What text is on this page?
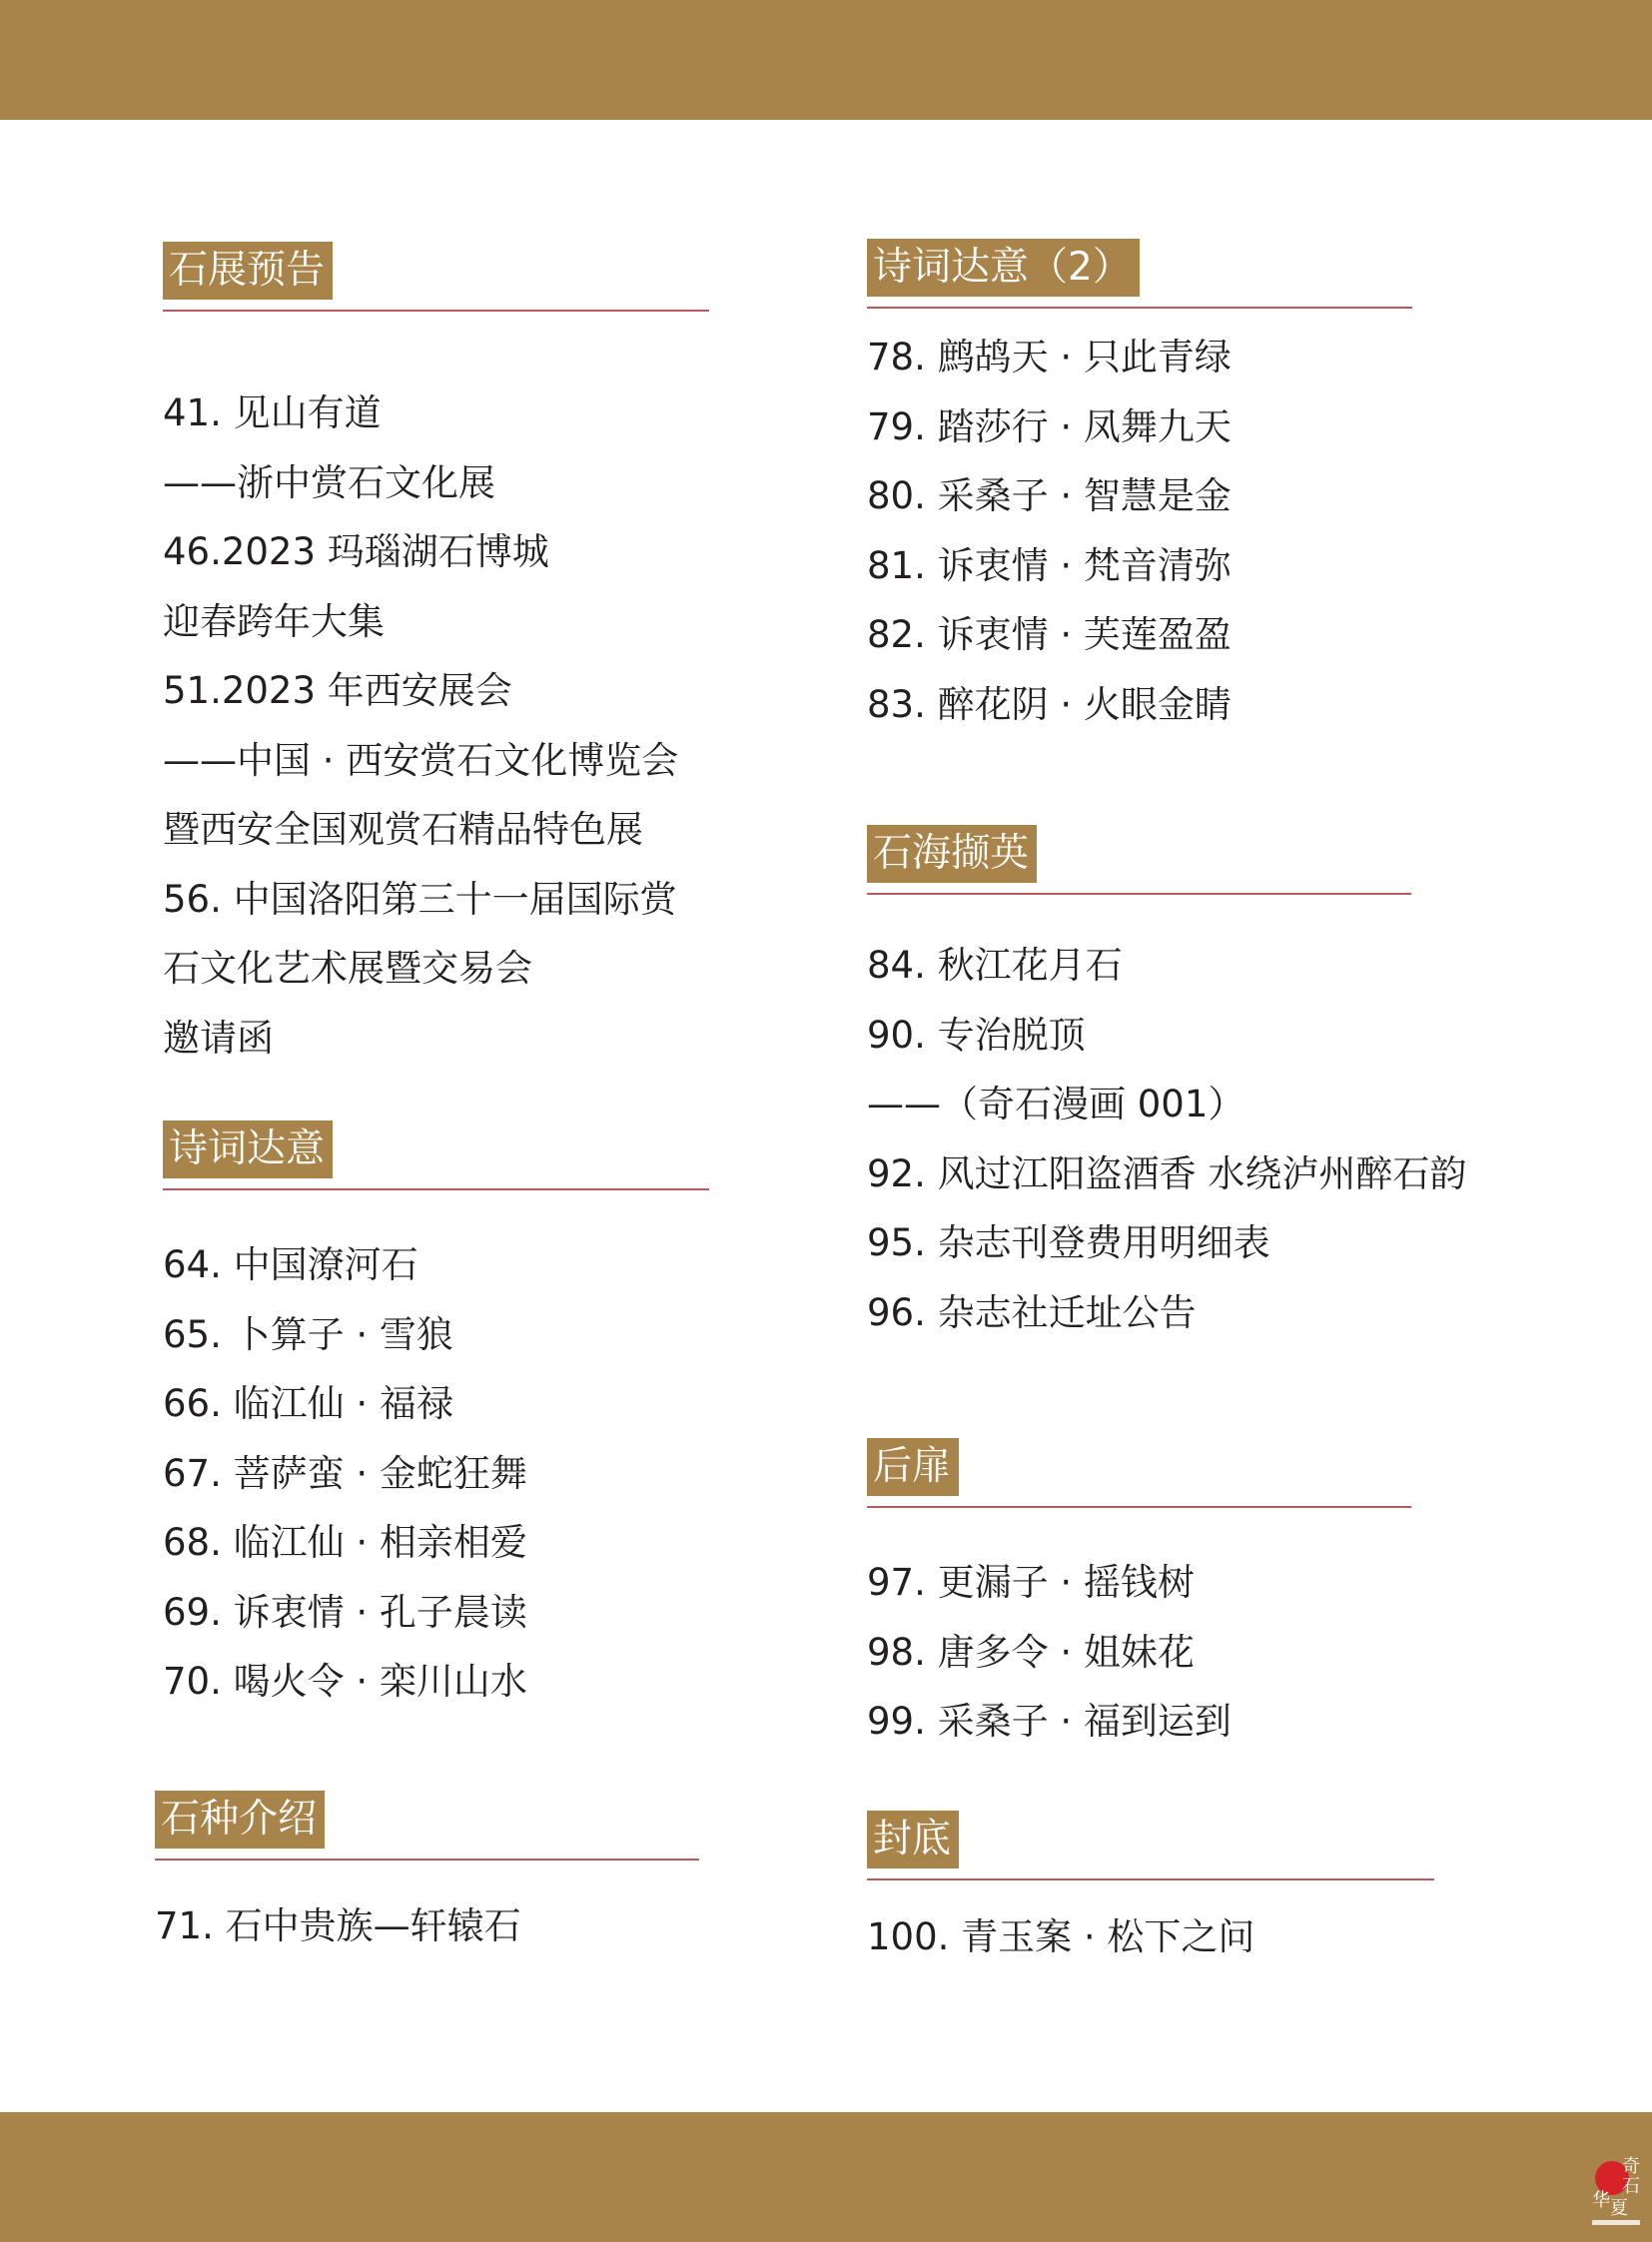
石展预告
41. 见山有道
——浙中赏石文化展
46.2023 玛瑙湖石博城
迎春跨年大集
51.2023 年西安展会
——中国 · 西安赏石文化博览会
暨西安全国观赏石精品特色展
56. 中国洛阳第三十一届国际赏
石文化艺术展暨交易会
邀请函
诗词达意
64. 中国潦河石
65. 卜算子 · 雪狼
66. 临江仙 · 福禄
67. 菩萨蛮 · 金蛇狂舞
68. 临江仙 · 相亲相爱
69. 诉衷情 · 孔子晨读
70. 喝火令 · 栾川山水
石种介绍
71. 石中贵族—轩辕石
诗词达意（2）
78. 鹧鸪天 · 只此青绿
79. 踏莎行 · 凤舞九天
80. 采桑子 · 智慧是金
81. 诉衷情 · 梵音清弥
82. 诉衷情 · 芙莲盈盈
83. 醉花阴 · 火眼金睛
石海撷英
84. 秋江花月石
90. 专治脱顶
——（奇石漫画 001）
92. 风过江阳盗酒香 水绕泸州醉石韵
95. 杂志刊登费用明细表
96. 杂志社迁址公告
后扉
97. 更漏子 · 摇钱树
98. 唐多令 · 姐妹花
99. 采桑子 · 福到运到
封底
100. 青玉案 · 松下之问
奇
石
华 夏
